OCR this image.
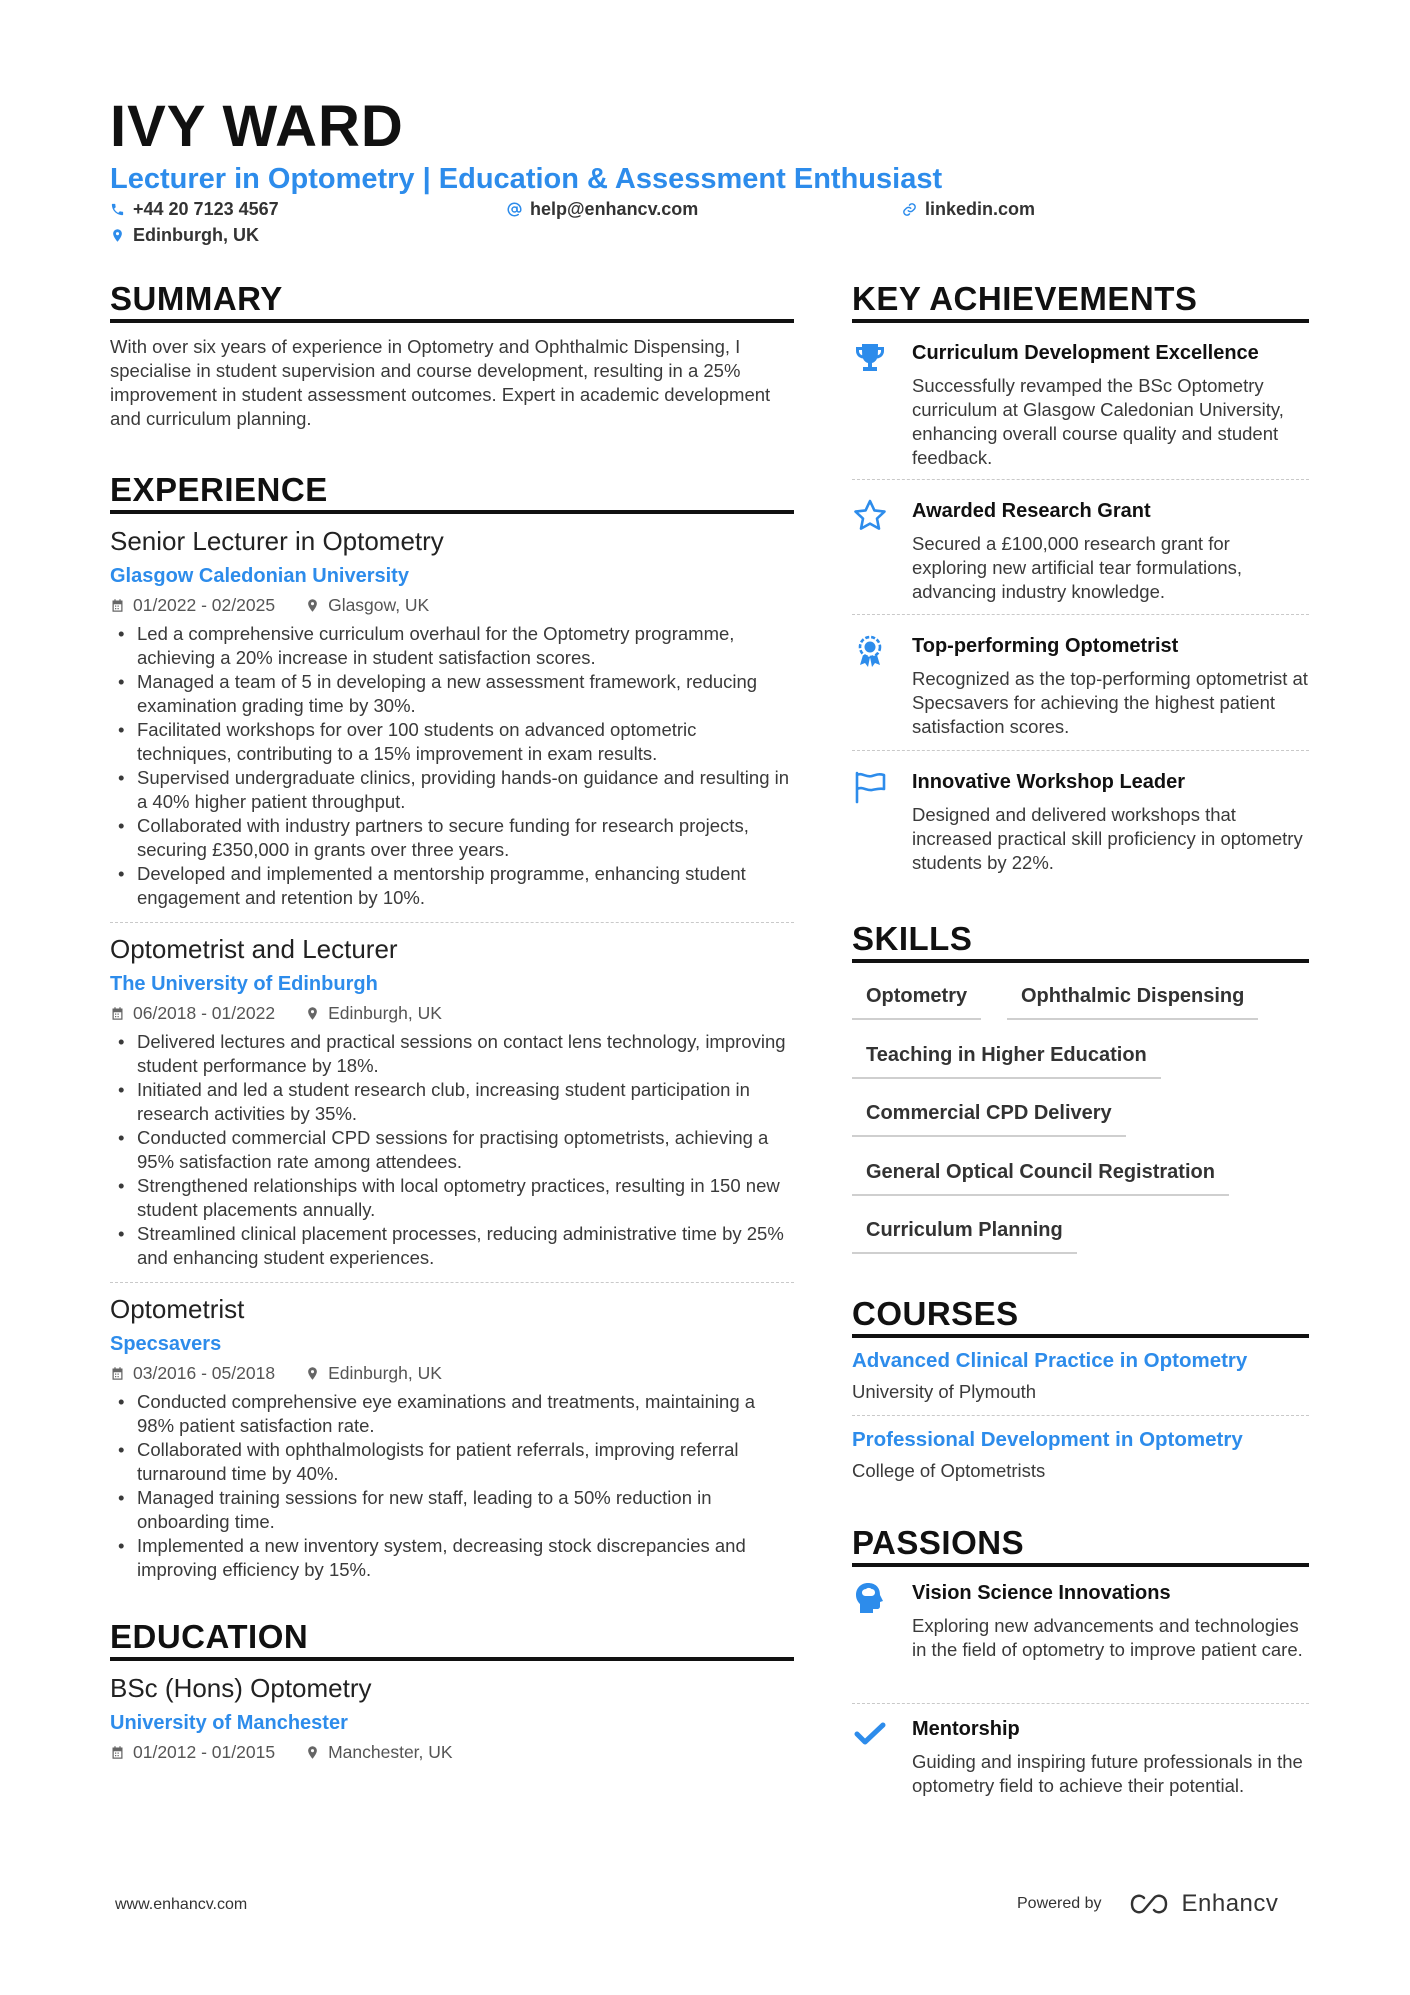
IVY WARD
Lecturer in Optometry | Education & Assessment Enthusiast
+44 20 7123 4567	help@enhancv.com	linkedin.com
Edinburgh, UK
SUMMARY
With over six years of experience in Optometry and Ophthalmic Dispensing, I specialise in student supervision and course development, resulting in a 25% improvement in student assessment outcomes. Expert in academic development and curriculum planning.
EXPERIENCE
Senior Lecturer in Optometry
Glasgow Caledonian University
01/2022 - 02/2025	Glasgow, UK
• Led a comprehensive curriculum overhaul for the Optometry programme, achieving a 20% increase in student satisfaction scores.
• Managed a team of 5 in developing a new assessment framework, reducing examination grading time by 30%.
• Facilitated workshops for over 100 students on advanced optometric techniques, contributing to a 15% improvement in exam results.
• Supervised undergraduate clinics, providing hands-on guidance and resulting in a 40% higher patient throughput.
• Collaborated with industry partners to secure funding for research projects, securing £350,000 in grants over three years.
• Developed and implemented a mentorship programme, enhancing student engagement and retention by 10%.
Optometrist and Lecturer
The University of Edinburgh
06/2018 - 01/2022	Edinburgh, UK
• Delivered lectures and practical sessions on contact lens technology, improving student performance by 18%.
• Initiated and led a student research club, increasing student participation in research activities by 35%.
• Conducted commercial CPD sessions for practising optometrists, achieving a 95% satisfaction rate among attendees.
• Strengthened relationships with local optometry practices, resulting in 150 new student placements annually.
• Streamlined clinical placement processes, reducing administrative time by 25% and enhancing student experiences.
Optometrist
Specsavers
03/2016 - 05/2018	Edinburgh, UK
• Conducted comprehensive eye examinations and treatments, maintaining a 98% patient satisfaction rate.
• Collaborated with ophthalmologists for patient referrals, improving referral turnaround time by 40%.
• Managed training sessions for new staff, leading to a 50% reduction in onboarding time.
• Implemented a new inventory system, decreasing stock discrepancies and improving efficiency by 15%.
EDUCATION
BSc (Hons) Optometry
University of Manchester
01/2012 - 01/2015	Manchester, UK
KEY ACHIEVEMENTS
Curriculum Development Excellence
Successfully revamped the BSc Optometry curriculum at Glasgow Caledonian University, enhancing overall course quality and student feedback.
Awarded Research Grant
Secured a £100,000 research grant for exploring new artificial tear formulations, advancing industry knowledge.
Top-performing Optometrist
Recognized as the top-performing optometrist at Specsavers for achieving the highest patient satisfaction scores.
Innovative Workshop Leader
Designed and delivered workshops that increased practical skill proficiency in optometry students by 22%.
SKILLS
Optometry	Ophthalmic Dispensing
Teaching in Higher Education
Commercial CPD Delivery
General Optical Council Registration
Curriculum Planning
COURSES
Advanced Clinical Practice in Optometry
University of Plymouth
Professional Development in Optometry
College of Optometrists
PASSIONS
Vision Science Innovations
Exploring new advancements and technologies in the field of optometry to improve patient care.
Mentorship
Guiding and inspiring future professionals in the optometry field to achieve their potential.
www.enhancv.com	Powered by	Enhancv
